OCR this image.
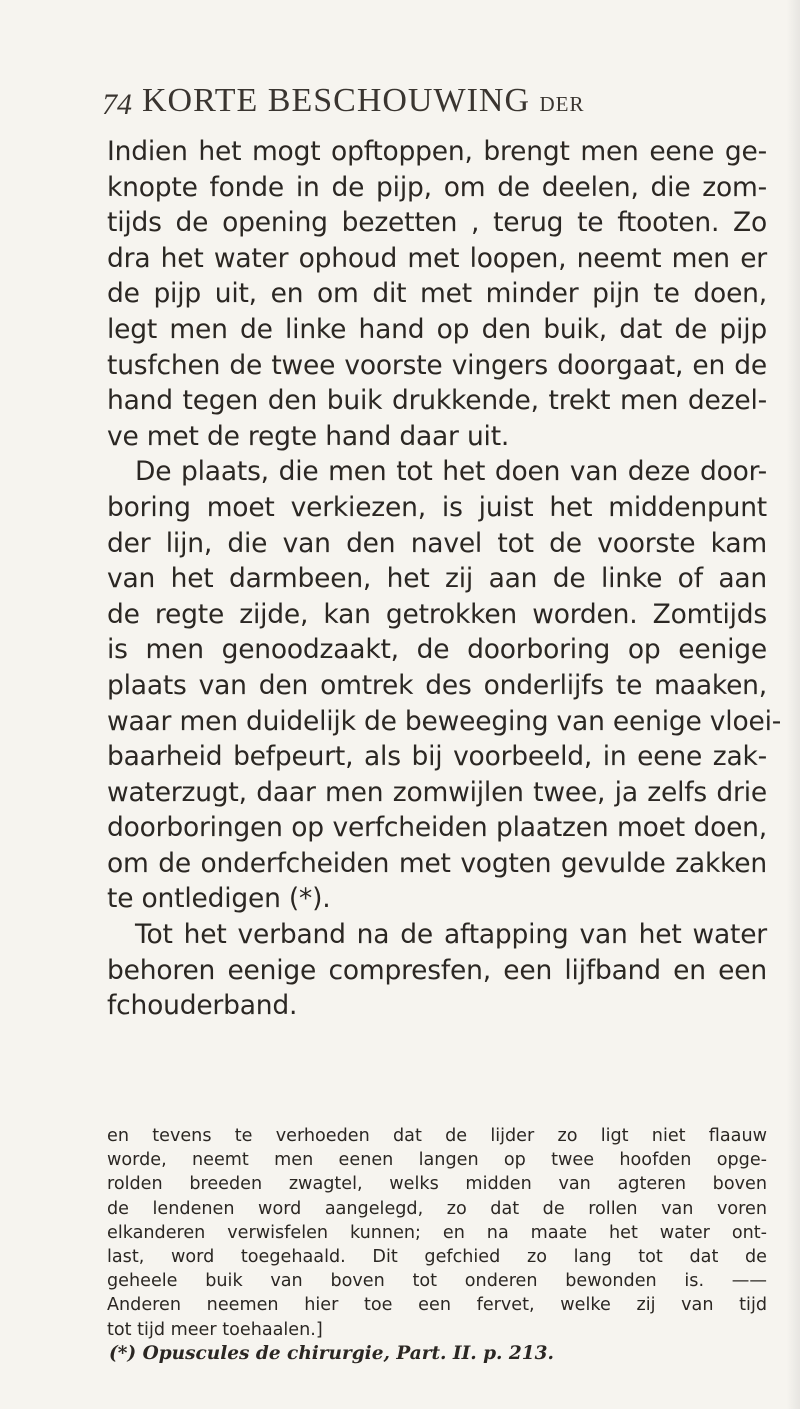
74 KORTE BESCHOUWING DER
Indien het mogt opftoppen, brengt men eene ge-
knopte fonde in de pijp, om de deelen, die zom-
tijds de opening bezetten , terug te ftooten. Zo
dra het water ophoud met loopen, neemt men er
de pijp uit, en om dit met minder pijn te doen,
legt men de linke hand op den buik, dat de pijp
tusfchen de twee voorste vingers doorgaat, en de
hand tegen den buik drukkende, trekt men dezel-
ve met de regte hand daar uit.
De plaats, die men tot het doen van deze door-
boring moet verkiezen, is juist het middenpunt
der lijn, die van den navel tot de voorste kam
van het darmbeen, het zij aan de linke of aan
de regte zijde, kan getrokken worden. Zomtijds
is men genoodzaakt, de doorboring op eenige
plaats van den omtrek des onderlijfs te maaken,
waar men duidelijk de beweeging van eenige vloei-
baarheid befpeurt, als bij voorbeeld, in eene zak-
waterzugt, daar men zomwijlen twee, ja zelfs drie
doorboringen op verfcheiden plaatzen moet doen,
om de onderfcheiden met vogten gevulde zakken
te ontledigen (*).
Tot het verband na de aftapping van het water
behoren eenige compresfen, een lijfband en een
fchouderband.
en tevens te verhoeden dat de lijder zo ligt niet flaauw
worde, neemt men eenen langen op twee hoofden opge-
rolden breeden zwagtel, welks midden van agteren boven
de lendenen word aangelegd, zo dat de rollen van voren
elkanderen verwisfelen kunnen; en na maate het water ont-
last, word toegehaald. Dit gefchied zo lang tot dat de
geheele buik van boven tot onderen bewonden is. ——
Anderen neemen hier toe een fervet, welke zij van tijd
tot tijd meer toehaalen.]
(*) Opuscules de chirurgie, Part. II. p. 213.
